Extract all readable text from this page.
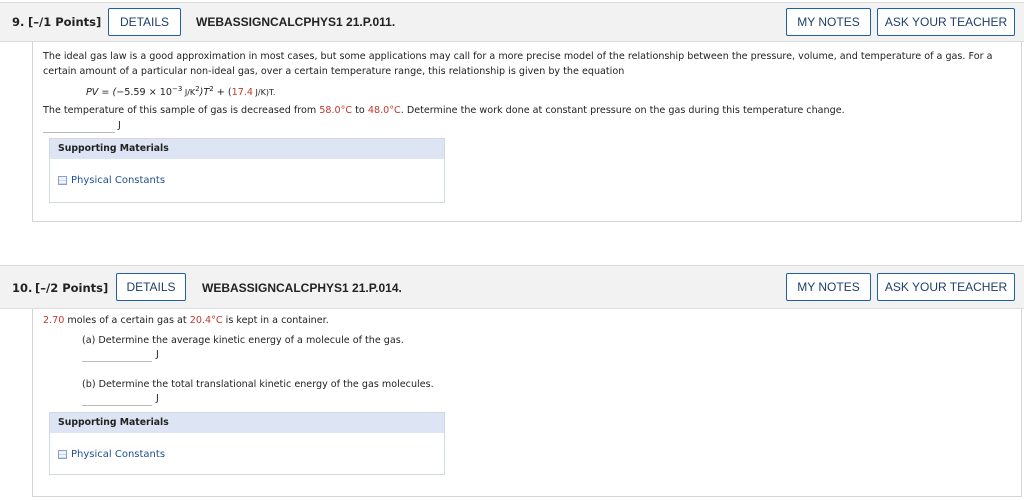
9. [–/1 Points]	DETAILS	WEBASSIGNCALCPHYS1 21.P.011.	MY NOTES	ASK YOUR TEACHER
The ideal gas law is a good approximation in most cases, but some applications may call for a more precise model of the relationship between the pressure, volume, and temperature of a gas. For a
certain amount of a particular non-ideal gas, over a certain temperature range, this relationship is given by the equation
PV = ($-5.59 \times 10^{-3}$ $J/K^2)T^2 + (17.4$ J/K)T.
The temperature of this sample of gas is decreased from 58.0°C to 48.0°C. Determine the work done at constant pressure on the gas during this temperature change.
J
Supporting Materials
Physical Constants
10. [–/2 Points]	DETAILS	WEBASSIGNCALCPHYS1 21.P.014.	MY NOTES	ASK YOUR TEACHER
2.70 moles of a certain gas at 20.4°C is kept in a container.
(a) Determine the average kinetic energy of a molecule of the gas.
J
(b) Determine the total translational kinetic energy of the gas molecules.
J
Supporting Materials
Physical Constants
